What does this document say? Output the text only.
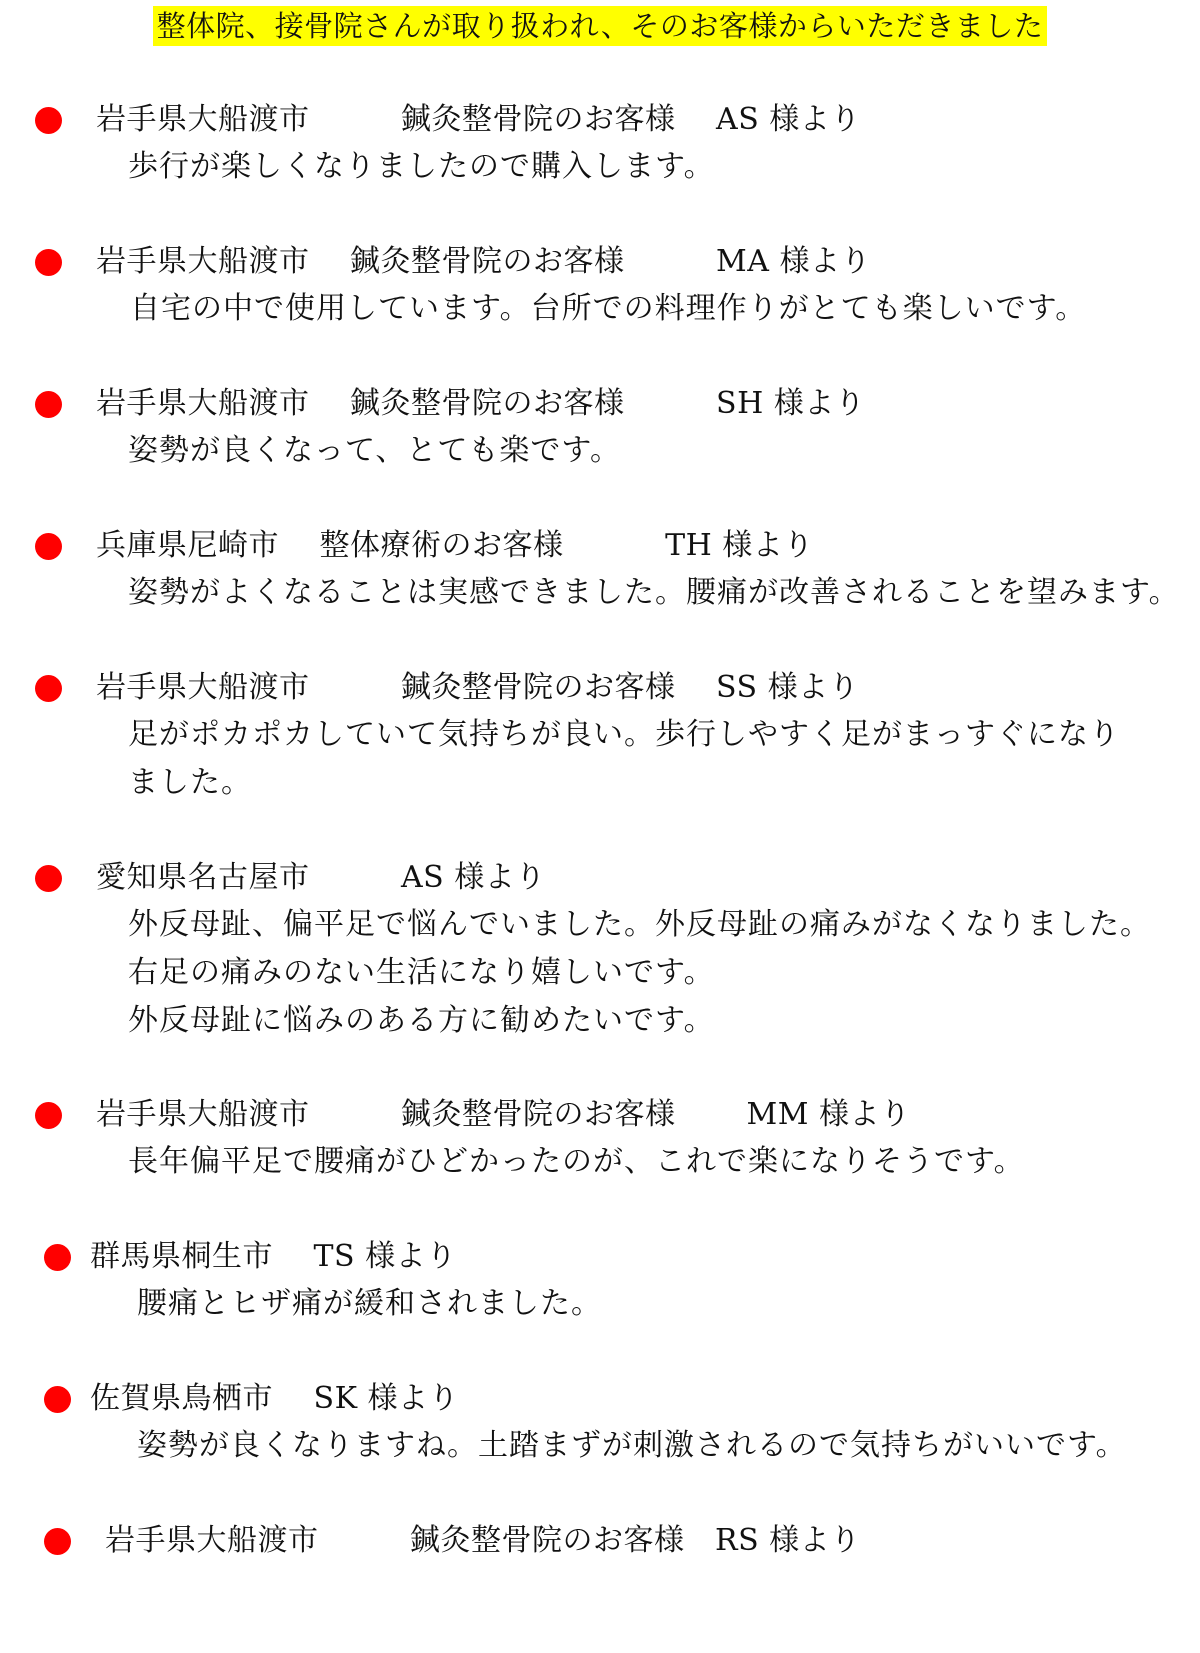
整体院、接骨院さんが取り扱われ、そのお客様からいただきました
岩手県大船渡市　　　鍼灸整骨院のお客様　 AS 様より
歩行が楽しくなりましたので購入します。
岩手県大船渡市　 鍼灸整骨院のお客様　　　MA 様より
自宅の中で使用しています。台所での料理作りがとても楽しいです。
岩手県大船渡市　 鍼灸整骨院のお客様　　　SH 様より
姿勢が良くなって、とても楽です。
兵庫県尼崎市　 整体療術のお客様　　　 TH 様より
姿勢がよくなることは実感できました。腰痛が改善されることを望みます。
岩手県大船渡市　　　鍼灸整骨院のお客様　 SS 様より
足がポカポカしていて気持ちが良い。歩行しやすく足がまっすぐになり
ました。
愛知県名古屋市　　　AS 様より
外反母趾、偏平足で悩んでいました。外反母趾の痛みがなくなりました。
右足の痛みのない生活になり嬉しいです。
外反母趾に悩みのある方に勧めたいです。
岩手県大船渡市　　　鍼灸整骨院のお客様　　 MM 様より
長年偏平足で腰痛がひどかったのが、これで楽になりそうです。
群馬県桐生市　 TS 様より
腰痛とヒザ痛が緩和されました。
佐賀県鳥栖市　 SK 様より
姿勢が良くなりますね。土踏まずが刺激されるので気持ちがいいです。
岩手県大船渡市　　　鍼灸整骨院のお客様　RS 様より
